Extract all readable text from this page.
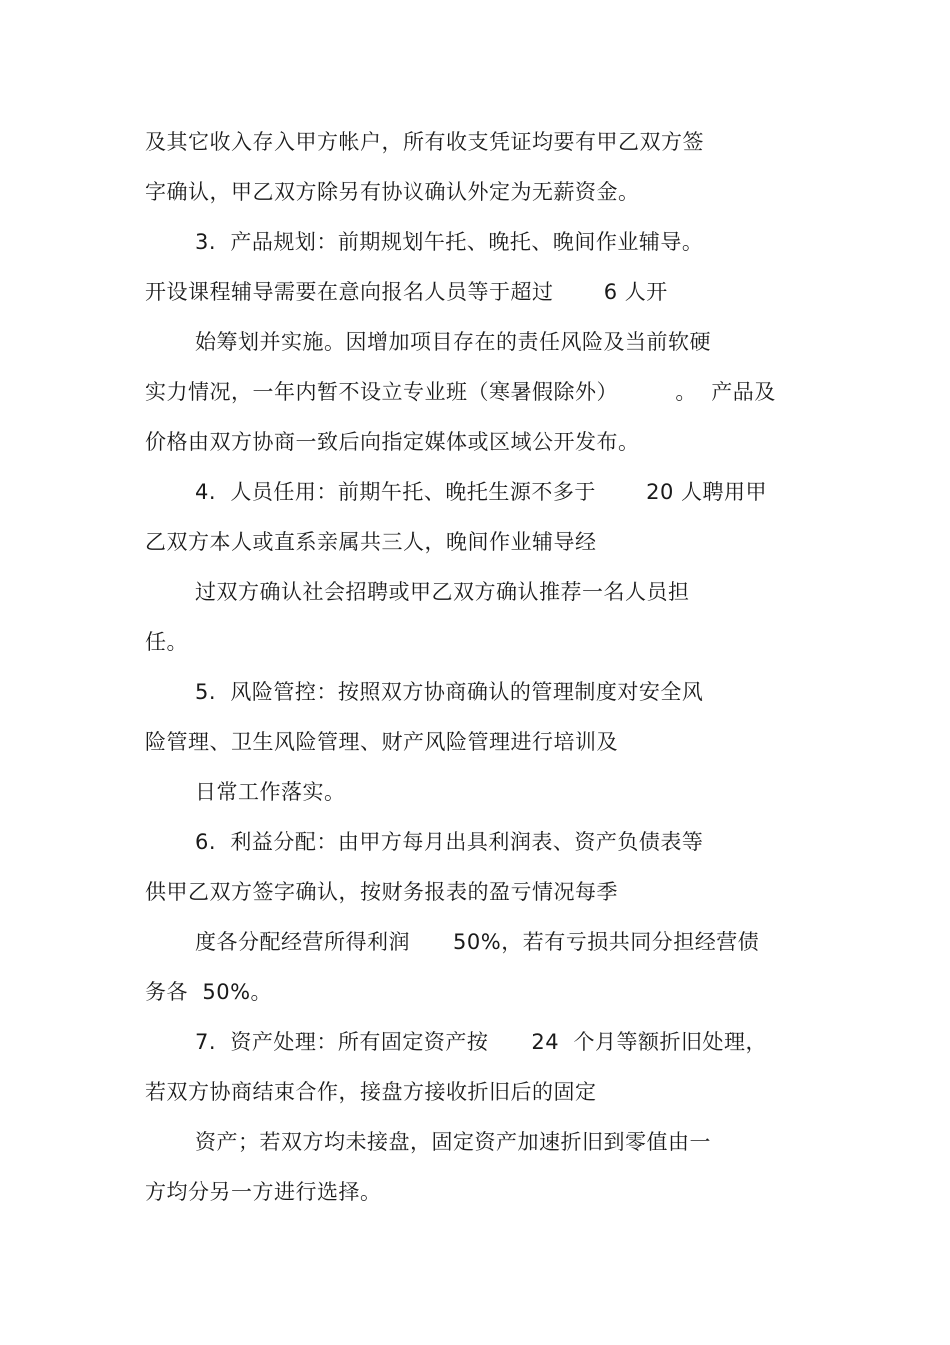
及其它收入存入甲方帐户，所有收支凭证均要有甲乙双方签
字确认，甲乙双方除另有协议确认外定为无薪资金。
3.  产品规划：前期规划午托、晚托、晚间作业辅导。
开设课程辅导需要在意向报名人员等于超过       6 人开
始筹划并实施。因增加项目存在的责任风险及当前软硬
实力情况，一年内暂不设立专业班（寒暑假除外）        。  产品及
价格由双方协商一致后向指定媒体或区域公开发布。
4.  人员任用：前期午托、晚托生源不多于       20 人聘用甲
乙双方本人或直系亲属共三人，晚间作业辅导经
过双方确认社会招聘或甲乙双方确认推荐一名人员担
任。
5.  风险管控：按照双方协商确认的管理制度对安全风
险管理、卫生风险管理、财产风险管理进行培训及
日常工作落实。
6.  利益分配：由甲方每月出具利润表、资产负债表等
供甲乙双方签字确认，按财务报表的盈亏情况每季
度各分配经营所得利润      50%，若有亏损共同分担经营债
务各  50%。
7.  资产处理：所有固定资产按      24  个月等额折旧处理，
若双方协商结束合作，接盘方接收折旧后的固定
资产；若双方均未接盘，固定资产加速折旧到零值由一
方均分另一方进行选择。
